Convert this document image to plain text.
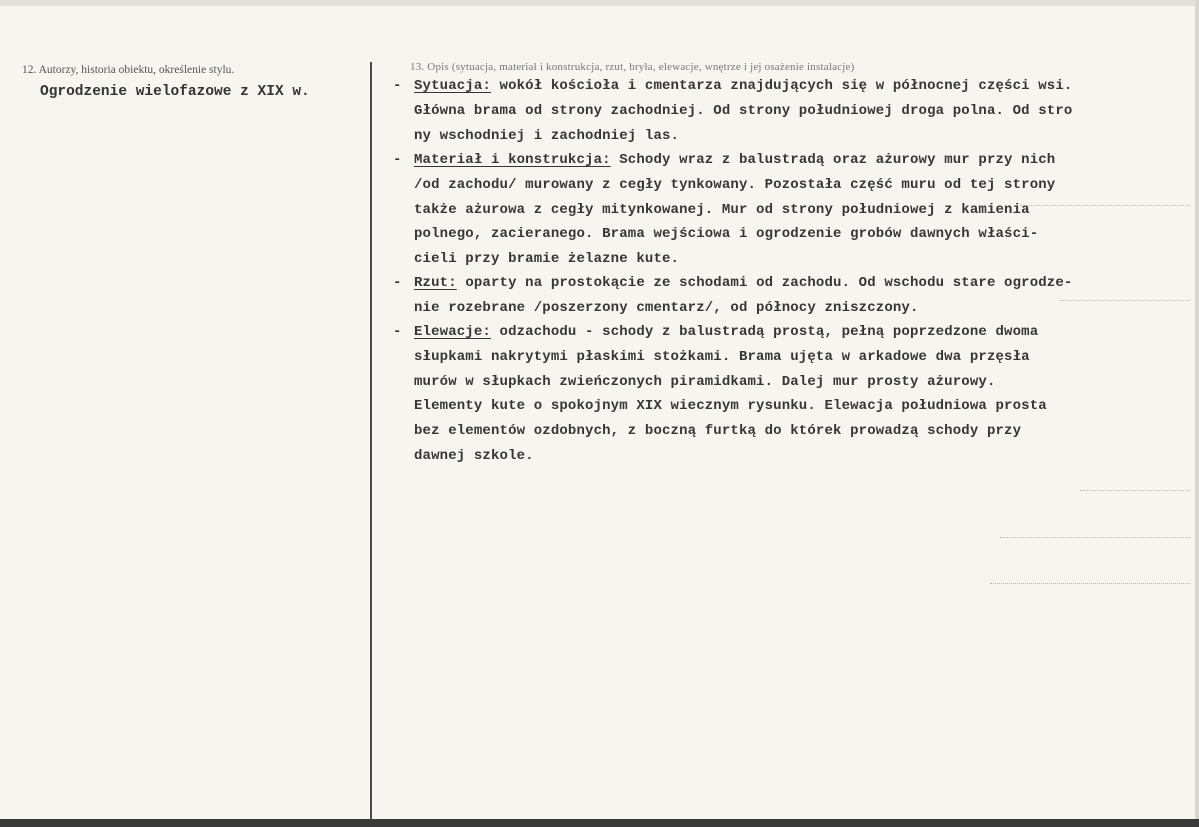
12. Autorzy, historia obiektu, określenie stylu.
Ogrodzenie wielofazowe z XIX w.
13. Opis (sytuacja, materiał i konstrukcja, rzut, bryła, elewacje, wnętrze i jej osażenie instalacje)
- Sytuacja: wokół kościoła i cmentarza znajdujących się w północnej części wsi.
Główna brama od strony zachodniej. Od strony południowej droga polna. Od stro
ny wschodniej i zachodniej las.
- Materiał i konstrukcja: Schody wraz z balustradą oraz ażurowy mur przy nich
/od zachodu/ murowany z cegły tynkowany. Pozostała część muru od tej strony
także ażurowa z cegły mitynkowanej. Mur od strony południowej z kamienia
polnego, zacieranego. Brama wejściowa i ogrodzenie grobów dawnych właści-
cieli przy bramie żelazne kute.
- Rzut: oparty na prostokącie ze schodami od zachodu. Od wschodu stare ogrodze-
nie rozebrane /poszerzony cmentarz/, od północy zniszczony.
- Elewacje: odzachodu - schody z balustradą prostą, pełną poprzedzone dwoma
słupkami nakrytymi płaskimi stożkami. Brama ujęta w arkadowe dwa przęsła
murów w słupkach zwieńczonych piramidkami. Dalej mur prosty ażurowy.
Elementy kute o spokojnym XIX wiecznym rysunku. Elewacja południowa prosta
bez elementów ozdobnych, z boczną furtką do którek prowadzą schody przy
dawnej szkole.
